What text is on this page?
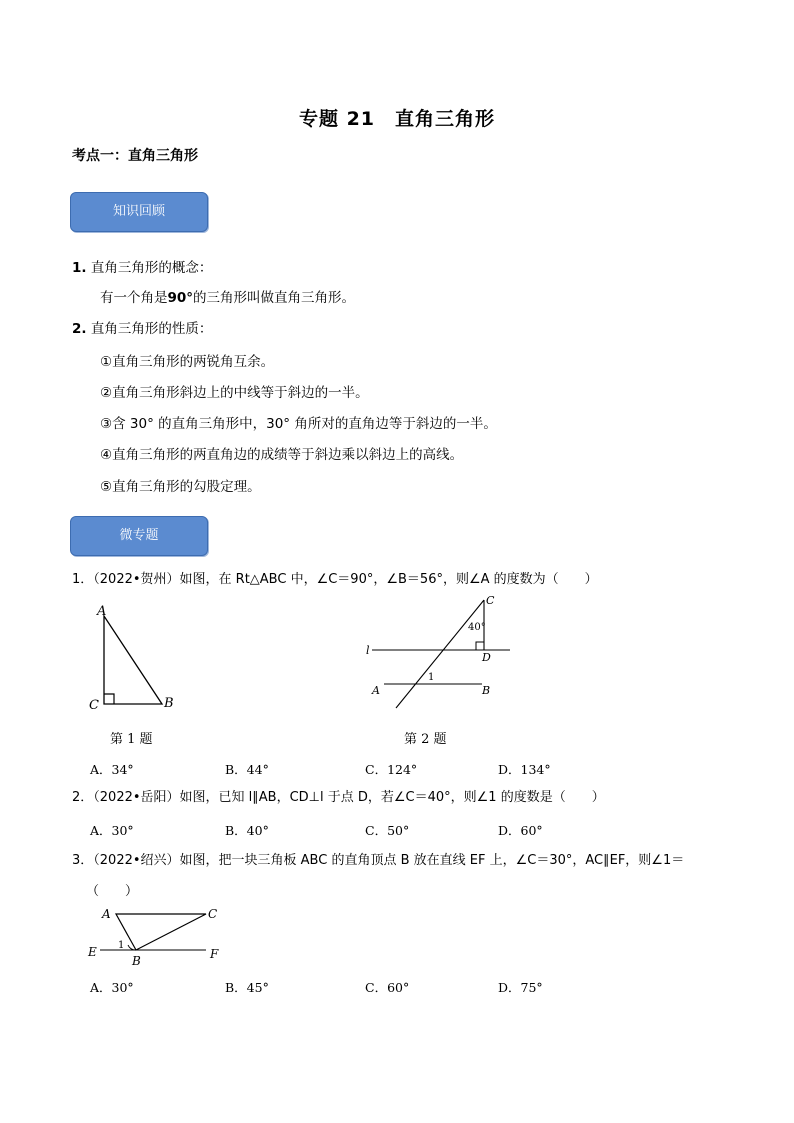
专题 21　直角三角形
考点一：直角三角形
知识回顾
1. 直角三角形的概念：
有一个角是90°的三角形叫做直角三角形。
2. 直角三角形的性质：
①直角三角形的两锐角互余。
②直角三角形斜边上的中线等于斜边的一半。
③含 30° 的直角三角形中，30° 角所对的直角边等于斜边的一半。
④直角三角形的两直角边的成绩等于斜边乘以斜边上的高线。
⑤直角三角形的勾股定理。
微专题
1．（2022•贺州）如图，在 Rt△ABC 中，∠C＝90°，∠B＝56°，则∠A 的度数为（　　）
A
C	B
第 1 题
C
40°
D
l
A	B
1
第 2 题
A．34°	B．44°	C．124°	D．134°
2．（2022•岳阳）如图，已知 l∥AB，CD⊥l 于点 D，若∠C＝40°，则∠1 的度数是（　　）
A．30°	B．40°	C．50°	D．60°
3．（2022•绍兴）如图，把一块三角板 ABC 的直角顶点 B 放在直线 EF 上，∠C＝30°，AC∥EF，则∠1＝
（　　）
A	C
E	F
B
1
A．30°	B．45°	C．60°	D．75°
